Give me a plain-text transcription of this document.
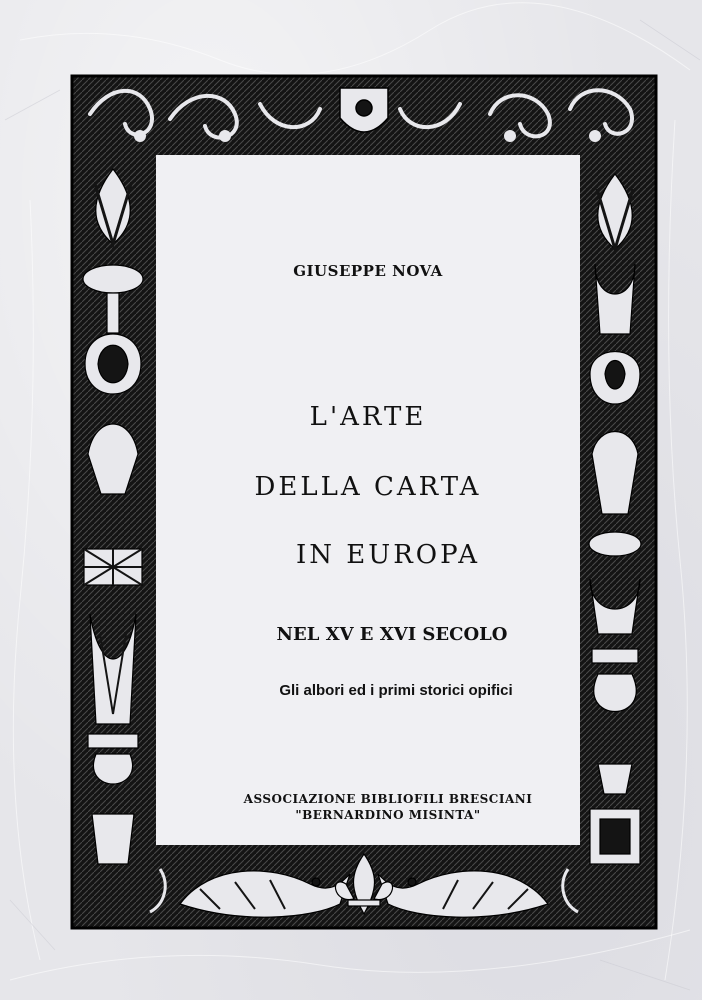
GIUSEPPE NOVA
L'ARTE
DELLA CARTA
IN EUROPA
NEL XV E XVI SECOLO
Gli albori ed i primi storici opifici
ASSOCIAZIONE BIBLIOFILI BRESCIANI
"BERNARDINO MISINTA"
